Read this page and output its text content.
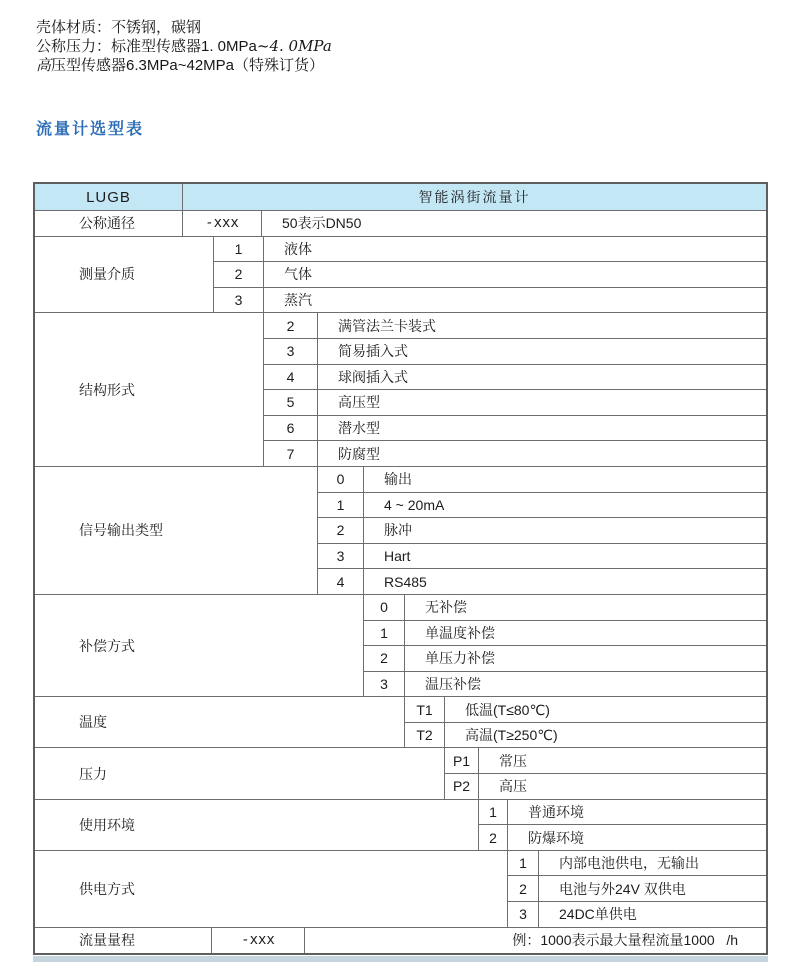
壳体材质：不锈钢，碳钢
公称压力：标准型传感器1. 0MPa~4. 0MPa
高压型传感器6.3MPa~42MPa（特殊订货）
流量计选型表
LUGB	智能涡街流量计
公称通径	-xxx	50表示DN50
测量介质
1	液体
2	气体
3	蒸汽
结构形式
2	满管法兰卡装式
3	简易插入式
4	球阀插入式
5	高压型
6	潜水型
7	防腐型
信号输出类型
0	输出
1	4 ~ 20mA
2	脉冲
3	Hart
4	RS485
补偿方式
0	无补偿
1	单温度补偿
2	单压力补偿
3	温压补偿
温度
T1	低温(T≤80℃)
T2	高温(T≥250℃)
压力
P1	常压
P2	高压
使用环境
1	普通环境
2	防爆环境
供电方式
1	内部电池供电，无输出
2	电池与外24V 双供电
3	24DC单供电
流量量程	-xxx	例：1000表示最大量程流量1000   /h
